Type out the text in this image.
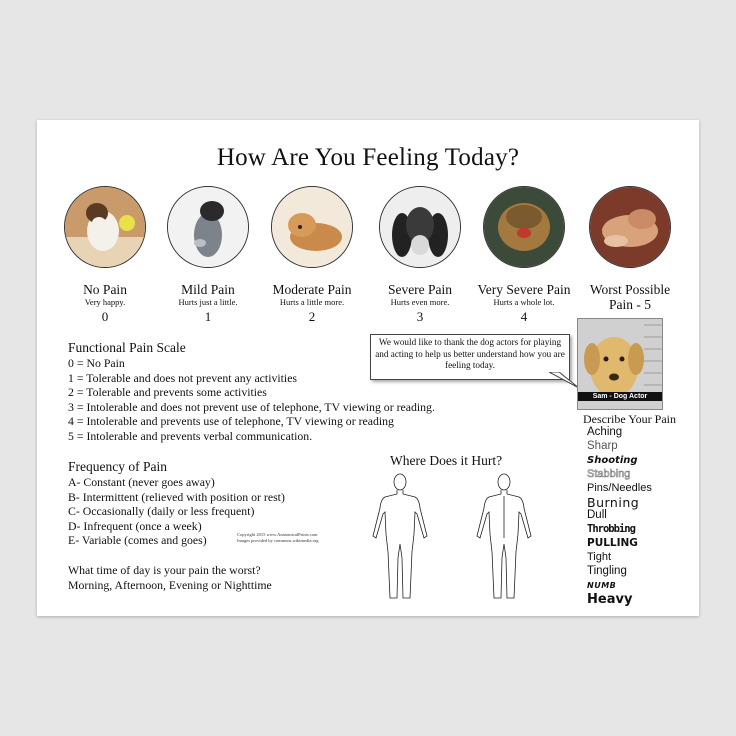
How Are You Feeling Today?
No Pain
Very happy.
0
Mild Pain
Hurts just a little.
1
Moderate Pain
Hurts a little more.
2
Severe Pain
Hurts even more.
3
Very Severe Pain
Hurts a whole lot.
4
Worst Possible
Pain - 5
Functional Pain Scale
0 = No Pain
1 = Tolerable and does not prevent any activities
2 = Tolerable and prevents some activities
3 = Intolerable and does not prevent use of telephone, TV viewing or reading.
4 = Intolerable and prevents use of telephone, TV viewing or reading
5 = Intolerable and prevents verbal communication.
We would like to thank the dog actors for playing and acting to help us better understand how you are feeling today.
Sam - Dog Actor
Frequency of Pain
A- Constant (never goes away)
B- Intermittent (relieved with position or rest)
C- Occasionally (daily or less frequent)
D- Infrequent (once a week)
E- Variable (comes and goes)
What time of day is your pain the worst?
Morning, Afternoon, Evening or Nighttime
Copyright 2015 www.AnatomicalPrints.com
Images provided by commons.wikimedia.org
Where Does it Hurt?
Describe Your Pain
Aching
Sharp
Shooting
Stabbing
Pins/Needles
Burning
Dull
Throbbing
PULLING
Tight
Tingling
NUMB
Heavy
